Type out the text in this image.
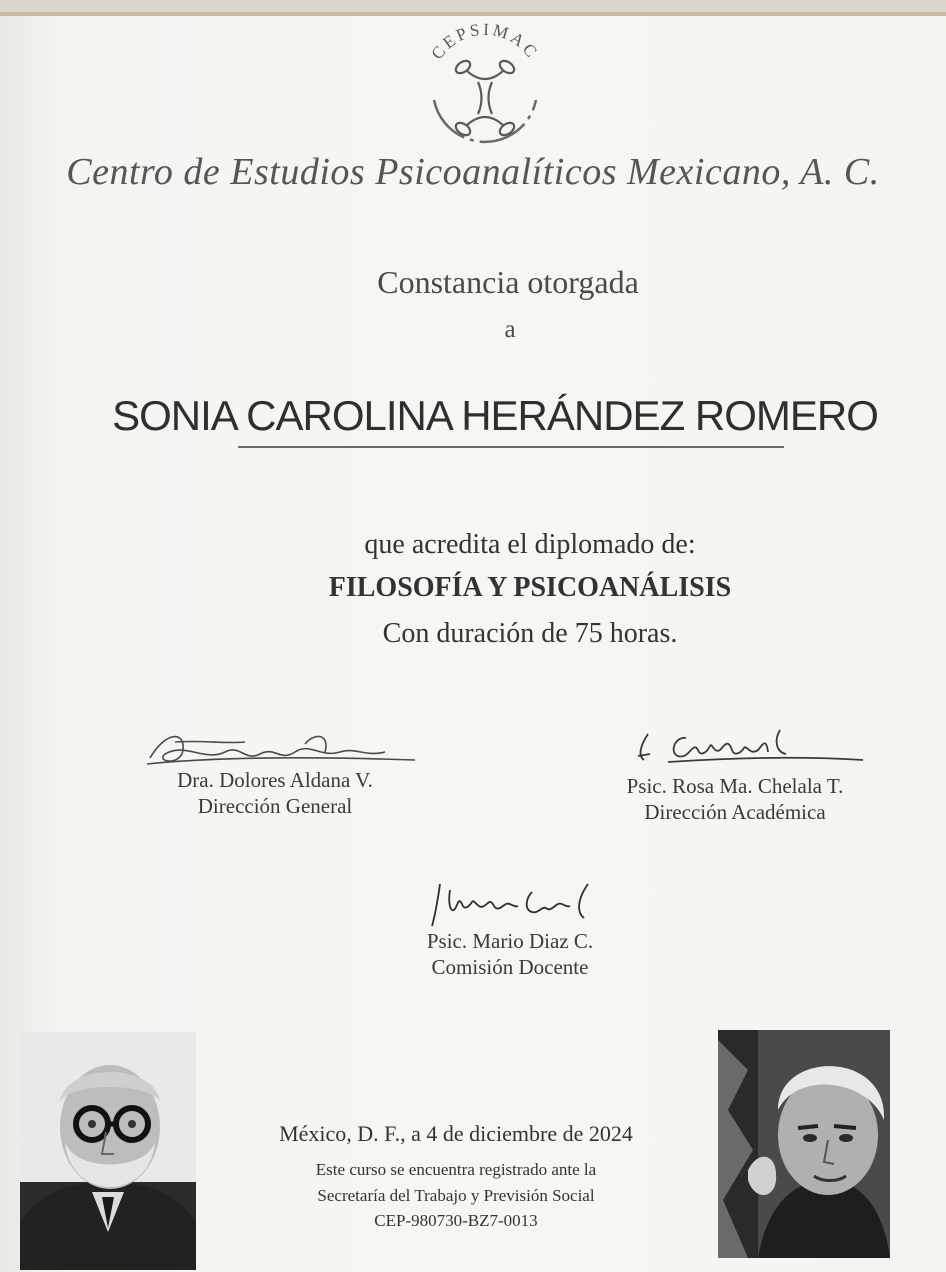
CEPSIMAC
Centro de Estudios Psicoanalíticos Mexicano, A. C.
Constancia otorgada
a
SONIA CAROLINA HERÁNDEZ ROMERO
que acredita el diplomado de:
FILOSOFÍA Y PSICOANÁLISIS
Con duración de 75 horas.
Dra. Dolores Aldana V.
Dirección General
Psic. Rosa Ma. Chelala T.
Dirección Académica
Psic. Mario Diaz C.
Comisión Docente
México, D. F., a 4 de diciembre de 2024
Este curso se encuentra registrado ante la
Secretaría del Trabajo y Previsión Social
CEP-980730-BZ7-0013
